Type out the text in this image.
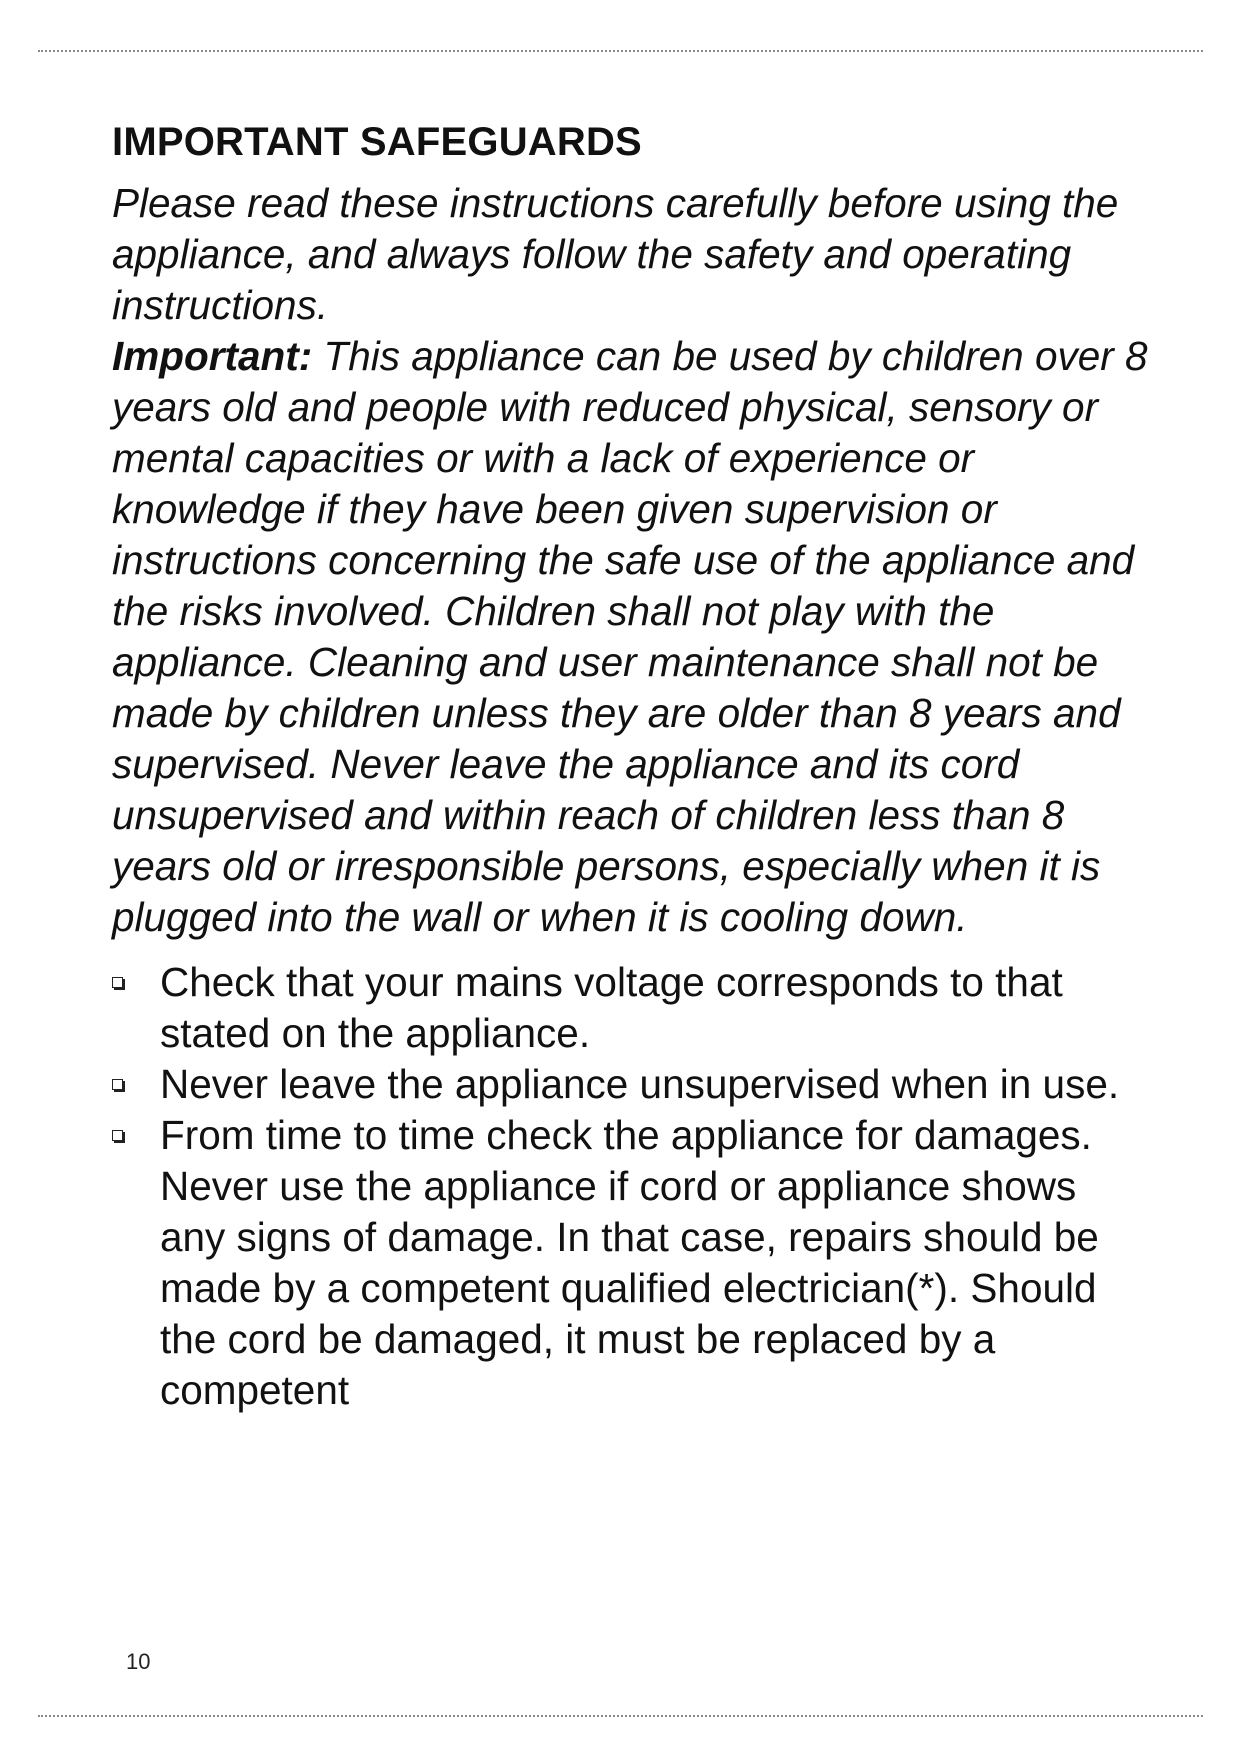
IMPORTANT SAFEGUARDS

Please read these instructions carefully before using the appliance, and always follow the safety and operating instructions.

Important: This appliance can be used by children over 8 years old and people with reduced physical, sensory or mental capacities or with a lack of experience or knowledge if they have been given supervision or instructions concerning the safe use of the appliance and the risks involved. Children shall not play with the appliance. Cleaning and user maintenance shall not be made by children unless they are older than 8 years and supervised. Never leave the appliance and its cord unsupervised and within reach of children less than 8 years old or irresponsible persons, especially when it is plugged into the wall or when it is cooling down.

Check that your mains voltage corresponds to that stated on the appliance.
Never leave the appliance unsupervised when in use.
From time to time check the appliance for damages. Never use the appliance if cord or appliance shows any signs of damage. In that case, repairs should be made by a competent qualified electrician(*). Should the cord be damaged, it must be replaced by a competent
10
